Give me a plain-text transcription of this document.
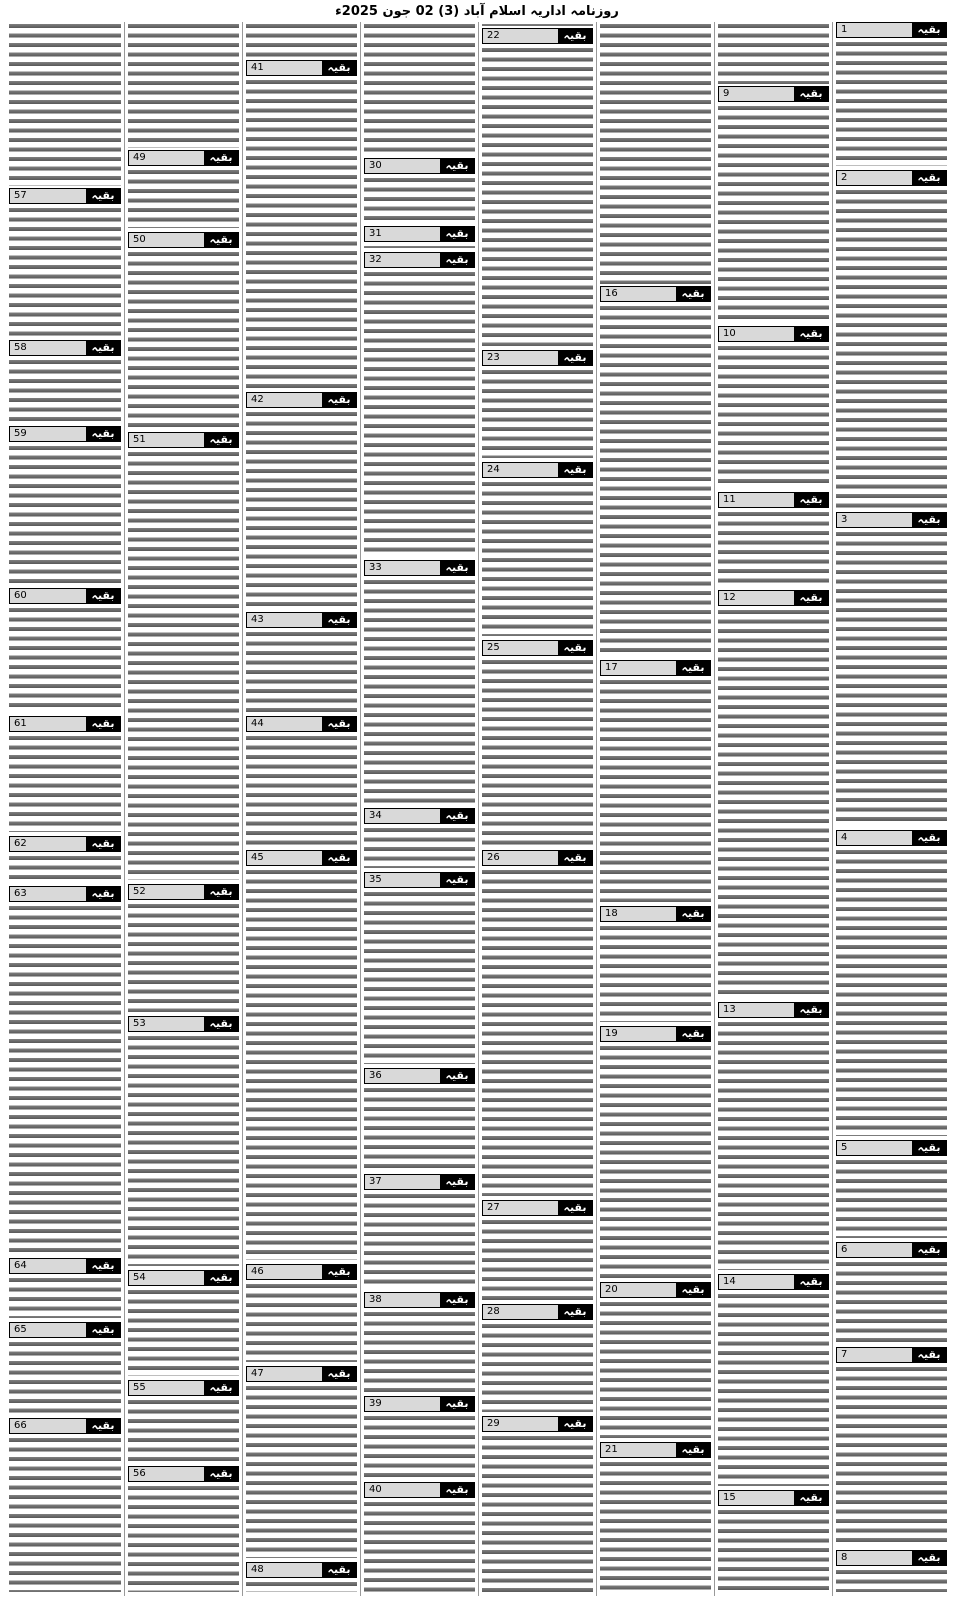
روزنامہ اداریہ اسلام آباد (3) 02 جون 2025ء
1	بقیہ
2	بقیہ
3	بقیہ
4	بقیہ
5	بقیہ
6	بقیہ
7	بقیہ
8	بقیہ
9	بقیہ
10	بقیہ
11	بقیہ
12	بقیہ
13	بقیہ
14	بقیہ
15	بقیہ
16	بقیہ
17	بقیہ
18	بقیہ
19	بقیہ
20	بقیہ
21	بقیہ
22	بقیہ
23	بقیہ
24	بقیہ
25	بقیہ
26	بقیہ
27	بقیہ
28	بقیہ
29	بقیہ
30	بقیہ
31	بقیہ
32	بقیہ
33	بقیہ
34	بقیہ
35	بقیہ
36	بقیہ
37	بقیہ
38	بقیہ
39	بقیہ
40	بقیہ
41	بقیہ
42	بقیہ
43	بقیہ
44	بقیہ
45	بقیہ
46	بقیہ
47	بقیہ
48	بقیہ
49	بقیہ
50	بقیہ
51	بقیہ
52	بقیہ
53	بقیہ
54	بقیہ
55	بقیہ
56	بقیہ
57	بقیہ
58	بقیہ
59	بقیہ
60	بقیہ
61	بقیہ
62	بقیہ
63	بقیہ
64	بقیہ
65	بقیہ
66	بقیہ
